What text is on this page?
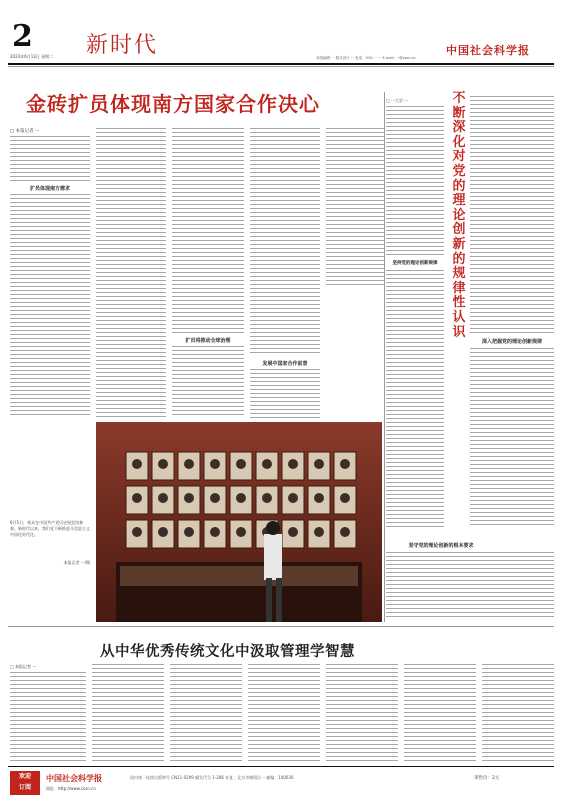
2
2023年6月13日 星期二 新时代	中国社会科学报
本版编辑 ··· 版式设计 ··· 电话：010-··· ··· E-mail: ···@cssn.cn
金砖扩员体现南方国家合作决心
□ 本报记者 ···
扩员体现南方需求
扩员将推动全球治理
发展中国家合作前景
□ ···大学 ···
坚持党的理论创新规律
不断深化对党的理论创新的规律性认识
深入把握党的理论创新规律
坚守党的理论创新的根本要求
6月5日，观众在中国共产党历史展览馆参观。新时代以来，我们党不断推进马克思主义中国化时代化。
本报记者 ···/摄
从中华优秀传统文化中汲取管理学智慧
□ 本报记者 ···
欢迎
订阅
中国社会科学报
网址：http://www.cssn.cn
国内统一连续出版物号 CN11-0299 邮发代号 1-286 社址：北京市朝阳区··· 邮编：100026	零售价：2元
